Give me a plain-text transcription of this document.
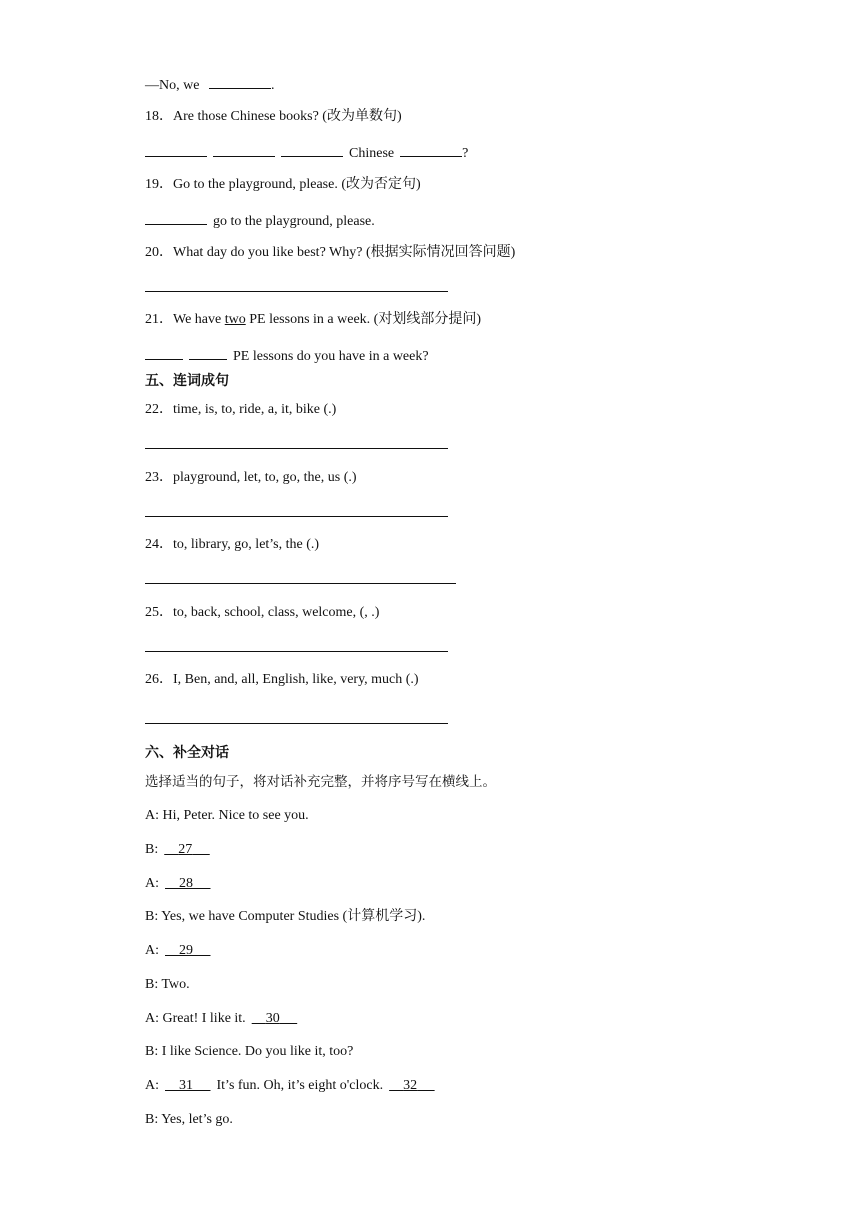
—No, we	.
18．Are those Chinese books? (改为单数句)
Chinese	?
19．Go to the playground, please. (改为否定句)
go to the playground, please.
20．What day do you like best? Why? (根据实际情况回答问题)
21．We have two PE lessons in a week. (对划线部分提问)
PE lessons do you have in a week?
五、连词成句
22．time, is, to, ride, a, it, bike (.)
23．playground, let, to, go, the, us (.)
24．to, library, go, let’s, the (.)
25．to, back, school, class, welcome, (, .)
26．I, Ben, and, all, English, like, very, much (.)
六、补全对话
选择适当的句子，将对话补充完整，并将序号写在横线上。
A: Hi, Peter. Nice to see you.
B: 27
A: 28
B: Yes, we have Computer Studies (计算机学习).
A: 29
B: Two.
A: Great! I like it. 30
B: I like Science. Do you like it, too?
A: 31 It’s fun. Oh, it’s eight o'clock. 32
B: Yes, let’s go.
